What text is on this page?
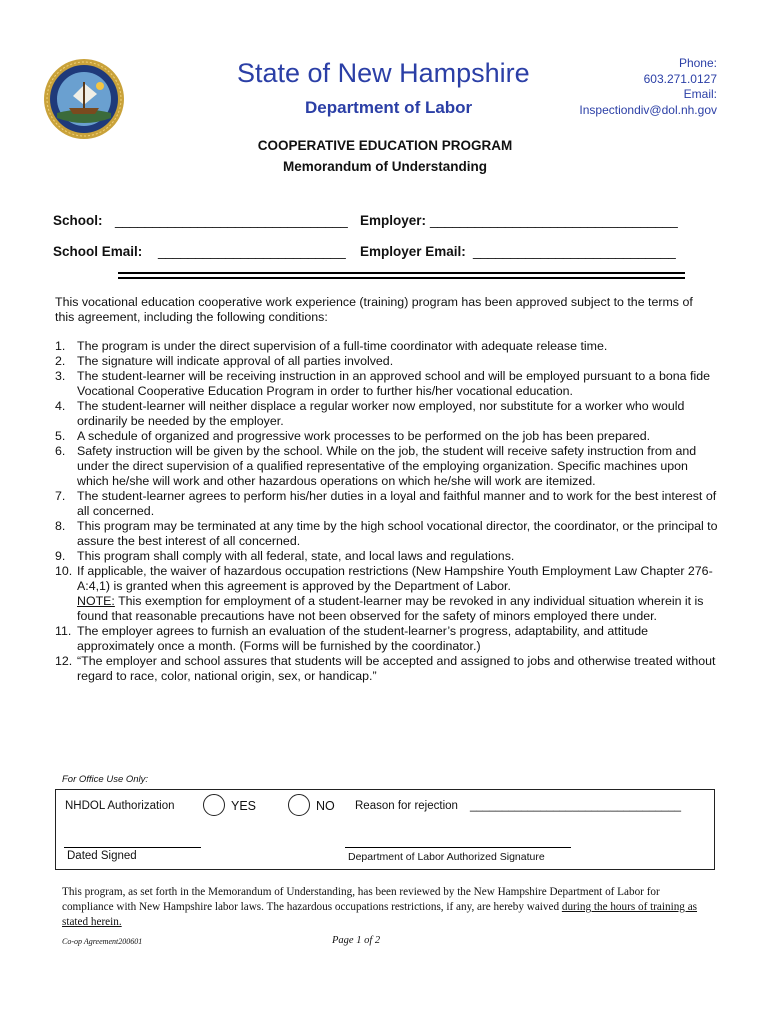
State of New Hampshire
Department of Labor
Phone:
603.271.0127
Email:
Inspectiondiv@dol.nh.gov
COOPERATIVE EDUCATION PROGRAM
Memorandum of Understanding
School: _______________________________ Employer: _________________________________
School Email: _________________________ Employer Email: ___________________________
This vocational education cooperative work experience (training) program has been approved subject to the terms of this agreement, including the following conditions:
1. The program is under the direct supervision of a full-time coordinator with adequate release time.
2. The signature will indicate approval of all parties involved.
3. The student-learner will be receiving instruction in an approved school and will be employed pursuant to a bona fide Vocational Cooperative Education Program in order to further his/her vocational education.
4. The student-learner will neither displace a regular worker now employed, nor substitute for a worker who would ordinarily be needed by the employer.
5. A schedule of organized and progressive work processes to be performed on the job has been prepared.
6. Safety instruction will be given by the school. While on the job, the student will receive safety instruction from and under the direct supervision of a qualified representative of the employing organization. Specific machines upon which he/she will work and other hazardous operations on which he/she will work are itemized.
7. The student-learner agrees to perform his/her duties in a loyal and faithful manner and to work for the best interest of all concerned.
8. This program may be terminated at any time by the high school vocational director, the coordinator, or the principal to assure the best interest of all concerned.
9. This program shall comply with all federal, state, and local laws and regulations.
10. If applicable, the waiver of hazardous occupation restrictions (New Hampshire Youth Employment Law Chapter 276-A:4,1) is granted when this agreement is approved by the Department of Labor.
NOTE: This exemption for employment of a student-learner may be revoked in any individual situation wherein it is found that reasonable precautions have not been observed for the safety of minors employed there under.
11. The employer agrees to furnish an evaluation of the student-learner’s progress, adaptability, and attitude approximately once a month. (Forms will be furnished by the coordinator.)
12. “The employer and school assures that students will be accepted and assigned to jobs and otherwise treated without regard to race, color, national origin, sex, or handicap.”
For Office Use Only:
NHDOL Authorization	YES	NO Reason for rejection _________________________________
Dated Signed	Department of Labor Authorized Signature
This program, as set forth in the Memorandum of Understanding, has been reviewed by the New Hampshire Department of Labor for compliance with New Hampshire labor laws. The hazardous occupations restrictions, if any, are hereby waived during the hours of training as stated herein.
Co-op Agreement200601	Page 1 of 2
